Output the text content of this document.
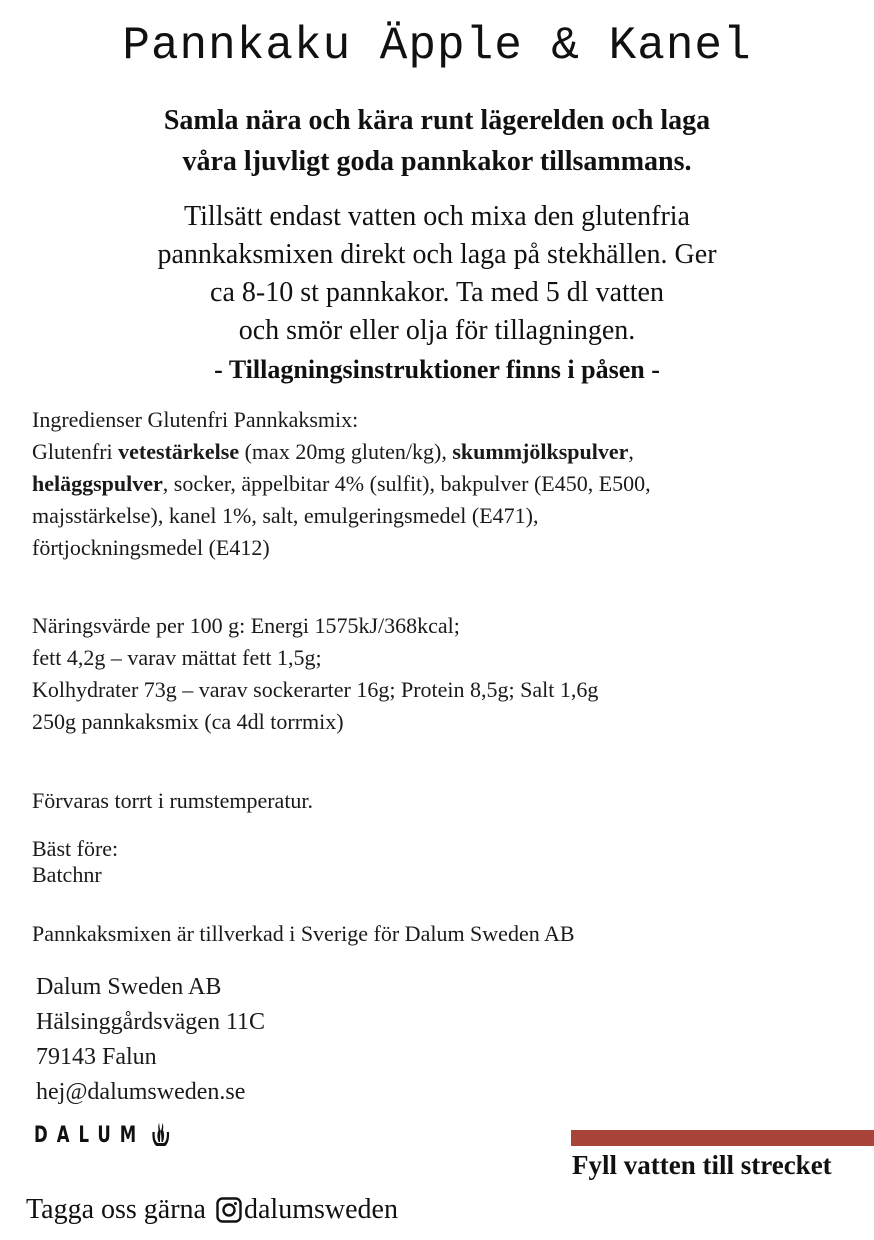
Pannkaku Äpple & Kanel
Samla nära och kära runt lägerelden och laga
våra ljuvligt goda pannkakor tillsammans.
Tillsätt endast vatten och mixa den glutenfria
pannkaksmixen direkt och laga på stekhällen. Ger
ca 8-10 st pannkakor. Ta med 5 dl vatten
och smör eller olja för tillagningen.
- Tillagningsinstruktioner finns i påsen -
Ingredienser Glutenfri Pannkaksmix:
Glutenfri vetestärkelse (max 20mg gluten/kg), skummjölkspulver,
heläggspulver, socker, äppelbitar 4% (sulfit), bakpulver (E450, E500,
majsstärkelse), kanel 1%, salt, emulgeringsmedel (E471),
förtjockningsmedel (E412)
Näringsvärde per 100 g: Energi 1575kJ/368kcal;
fett 4,2g – varav mättat fett 1,5g;
Kolhydrater 73g – varav sockerarter 16g; Protein 8,5g; Salt 1,6g
250g pannkaksmix (ca 4dl torrmix)
Förvaras torrt i rumstemperatur.
Bäst före:
Batchnr
Pannkaksmixen är tillverkad i Sverige för Dalum Sweden AB
Dalum Sweden AB
Hälsinggårdsvägen 11C
79143 Falun
hej@dalumsweden.se
DALUM
Fyll vatten till strecket
Tagga oss gärna dalumsweden
